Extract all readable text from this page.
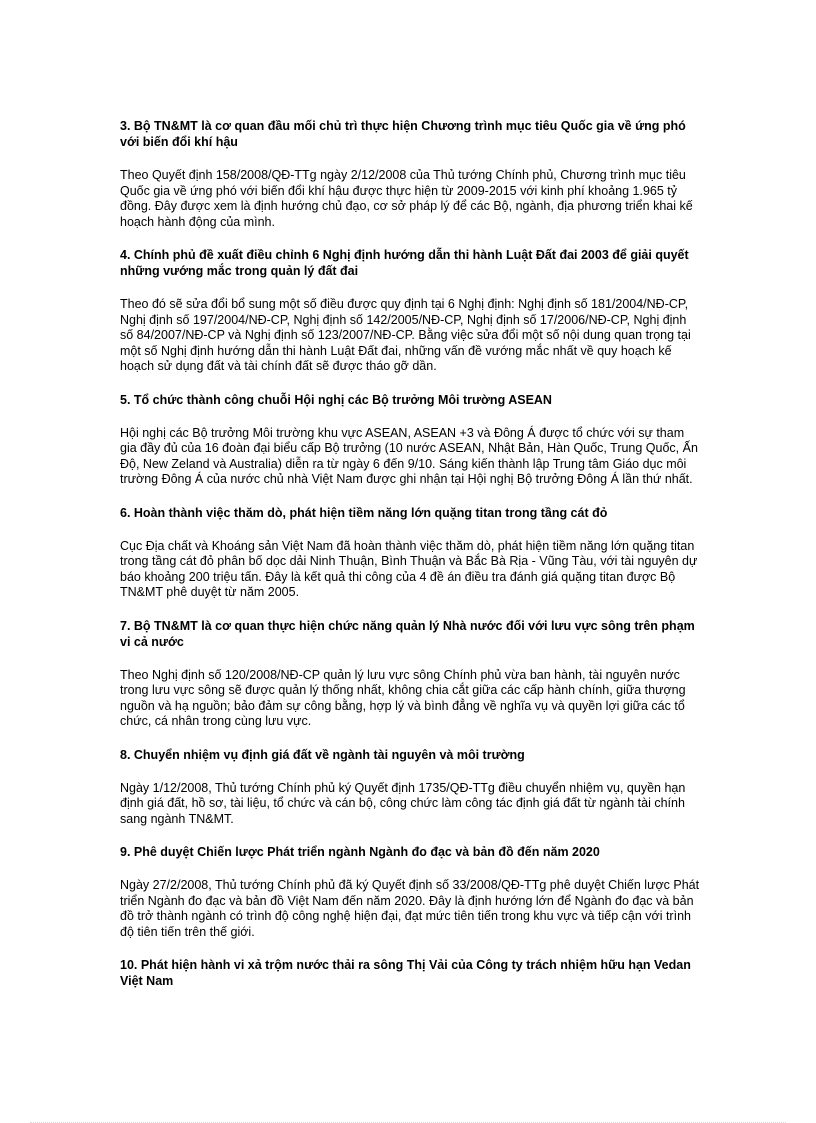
3. Bộ TN&MT là cơ quan đầu mối chủ trì thực hiện Chương trình mục tiêu Quốc gia về ứng phó với biến đổi khí hậu

Theo Quyết định 158/2008/QĐ-TTg ngày 2/12/2008 của Thủ tướng Chính phủ, Chương trình mục tiêu Quốc gia về ứng phó với biến đổi khí hậu được thực hiện từ 2009-2015 với kinh phí khoảng 1.965 tỷ đồng. Đây được xem là định hướng chủ đạo, cơ sở pháp lý để các Bộ, ngành, địa phương triển khai kế hoạch hành động của mình.

4. Chính phủ đề xuất điều chỉnh 6 Nghị định hướng dẫn thi hành Luật Đất đai 2003 để giải quyết những vướng mắc trong quản lý đất đai

Theo đó sẽ sửa đổi bổ sung một số điều được quy định tại 6 Nghị định: Nghị định số 181/2004/NĐ-CP, Nghị định số 197/2004/NĐ-CP, Nghị định số 142/2005/NĐ-CP, Nghị định số 17/2006/NĐ-CP, Nghị định số 84/2007/NĐ-CP và Nghị định số 123/2007/NĐ-CP. Bằng việc sửa đổi một số nội dung quan trọng tại một số Nghị định hướng dẫn thi hành Luật Đất đai, những vấn đề vướng mắc nhất về quy hoạch kế hoạch sử dụng đất và tài chính đất sẽ được tháo gỡ dần.

5. Tổ chức thành công chuỗi Hội nghị các Bộ trưởng Môi trường ASEAN

Hội nghị các Bộ trưởng Môi trường khu vực ASEAN, ASEAN +3 và Đông Á được tổ chức với sự tham gia đầy đủ của 16 đoàn đại biểu cấp Bộ trưởng (10 nước ASEAN, Nhật Bản, Hàn Quốc, Trung Quốc, Ấn Độ, New Zeland và Australia) diễn ra từ ngày 6 đến 9/10. Sáng kiến thành lập Trung tâm Giáo dục môi trường Đông Á của nước chủ nhà Việt Nam được ghi nhận tại Hội nghị Bộ trưởng Đông Á lần thứ nhất.

6. Hoàn thành việc thăm dò, phát hiện tiềm năng lớn quặng titan trong tầng cát đỏ

Cục Địa chất và Khoáng sản Việt Nam đã hoàn thành việc thăm dò, phát hiện tiềm năng lớn quặng titan trong tầng cát đỏ phân bố dọc dải Ninh Thuận, Bình Thuận và Bắc Bà Rịa - Vũng Tàu, với tài nguyên dự báo khoảng 200 triệu tấn. Đây là kết quả thi công của 4 đề án điều tra đánh giá quặng titan được Bộ TN&MT phê duyệt từ năm 2005.

7. Bộ TN&MT là cơ quan thực hiện chức năng quản lý Nhà nước đối với lưu vực sông trên phạm vi cả nước

Theo Nghị định số 120/2008/NĐ-CP quản lý lưu vực sông Chính phủ vừa ban hành, tài nguyên nước trong lưu vực sông sẽ được quản lý thống nhất, không chia cắt giữa các cấp hành chính, giữa thượng nguồn và hạ nguồn; bảo đảm sự công bằng, hợp lý và bình đẳng về nghĩa vụ và quyền lợi giữa các tổ chức, cá nhân trong cùng lưu vực.

8. Chuyển nhiệm vụ định giá đất về ngành tài nguyên và môi trường

Ngày 1/12/2008, Thủ tướng Chính phủ ký Quyết định 1735/QĐ-TTg điều chuyển nhiệm vụ, quyền hạn định giá đất, hồ sơ, tài liệu, tổ chức và cán bộ, công chức làm công tác định giá đất từ ngành tài chính sang ngành TN&MT.

9. Phê duyệt Chiến lược Phát triển ngành Ngành đo đạc và bản đồ đến năm 2020

Ngày 27/2/2008, Thủ tướng Chính phủ đã ký Quyết định số 33/2008/QĐ-TTg phê duyệt Chiến lược Phát triển Ngành đo đạc và bản đồ Việt Nam đến năm 2020. Đây là định hướng lớn để Ngành đo đạc và bản đồ trở thành ngành có trình độ công nghệ hiện đại, đạt mức tiên tiến trong khu vực và tiếp cận với trình độ tiên tiến trên thế giới.

10. Phát hiện hành vi xả trộm nước thải ra sông Thị Vải của Công ty trách nhiệm hữu hạn Vedan Việt Nam
